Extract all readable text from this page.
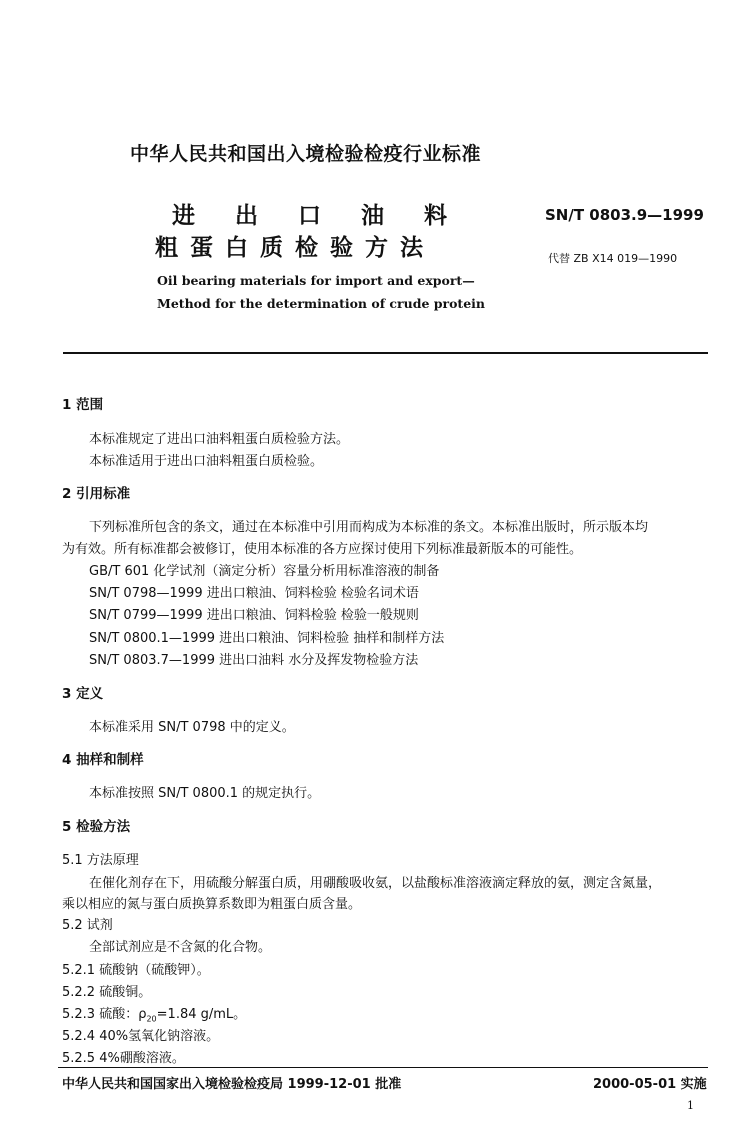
中华人民共和国出入境检验检疫行业标准
进出口油料
粗蛋白质检验方法
SN/T 0803.9—1999
代替 ZB X14 019—1990
Oil bearing materials for import and export—
Method for the determination of crude protein
1 范围
本标准规定了进出口油料粗蛋白质检验方法。
本标准适用于进出口油料粗蛋白质检验。
2 引用标准
下列标准所包含的条文，通过在本标准中引用而构成为本标准的条文。本标准出版时，所示版本均
为有效。所有标准都会被修订，使用本标准的各方应探讨使用下列标准最新版本的可能性。
GB/T 601 化学试剂（滴定分析）容量分析用标准溶液的制备
SN/T 0798—1999 进出口粮油、饲料检验 检验名词术语
SN/T 0799—1999 进出口粮油、饲料检验 检验一般规则
SN/T 0800.1—1999 进出口粮油、饲料检验 抽样和制样方法
SN/T 0803.7—1999 进出口油料 水分及挥发物检验方法
3 定义
本标准采用 SN/T 0798 中的定义。
4 抽样和制样
本标准按照 SN/T 0800.1 的规定执行。
5 检验方法
5.1 方法原理
在催化剂存在下，用硫酸分解蛋白质，用硼酸吸收氨，以盐酸标准溶液滴定释放的氨，测定含氮量，
乘以相应的氮与蛋白质换算系数即为粗蛋白质含量。
5.2 试剂
全部试剂应是不含氮的化合物。
5.2.1 硫酸钠（硫酸钾）。
5.2.2 硫酸铜。
5.2.3 硫酸：$\rho_{20}=1.84$ g/mL。
5.2.4 40%氢氧化钠溶液。
5.2.5 4%硼酸溶液。
中华人民共和国国家出入境检验检疫局 1999-12-01 批准	2000-05-01 实施
1
